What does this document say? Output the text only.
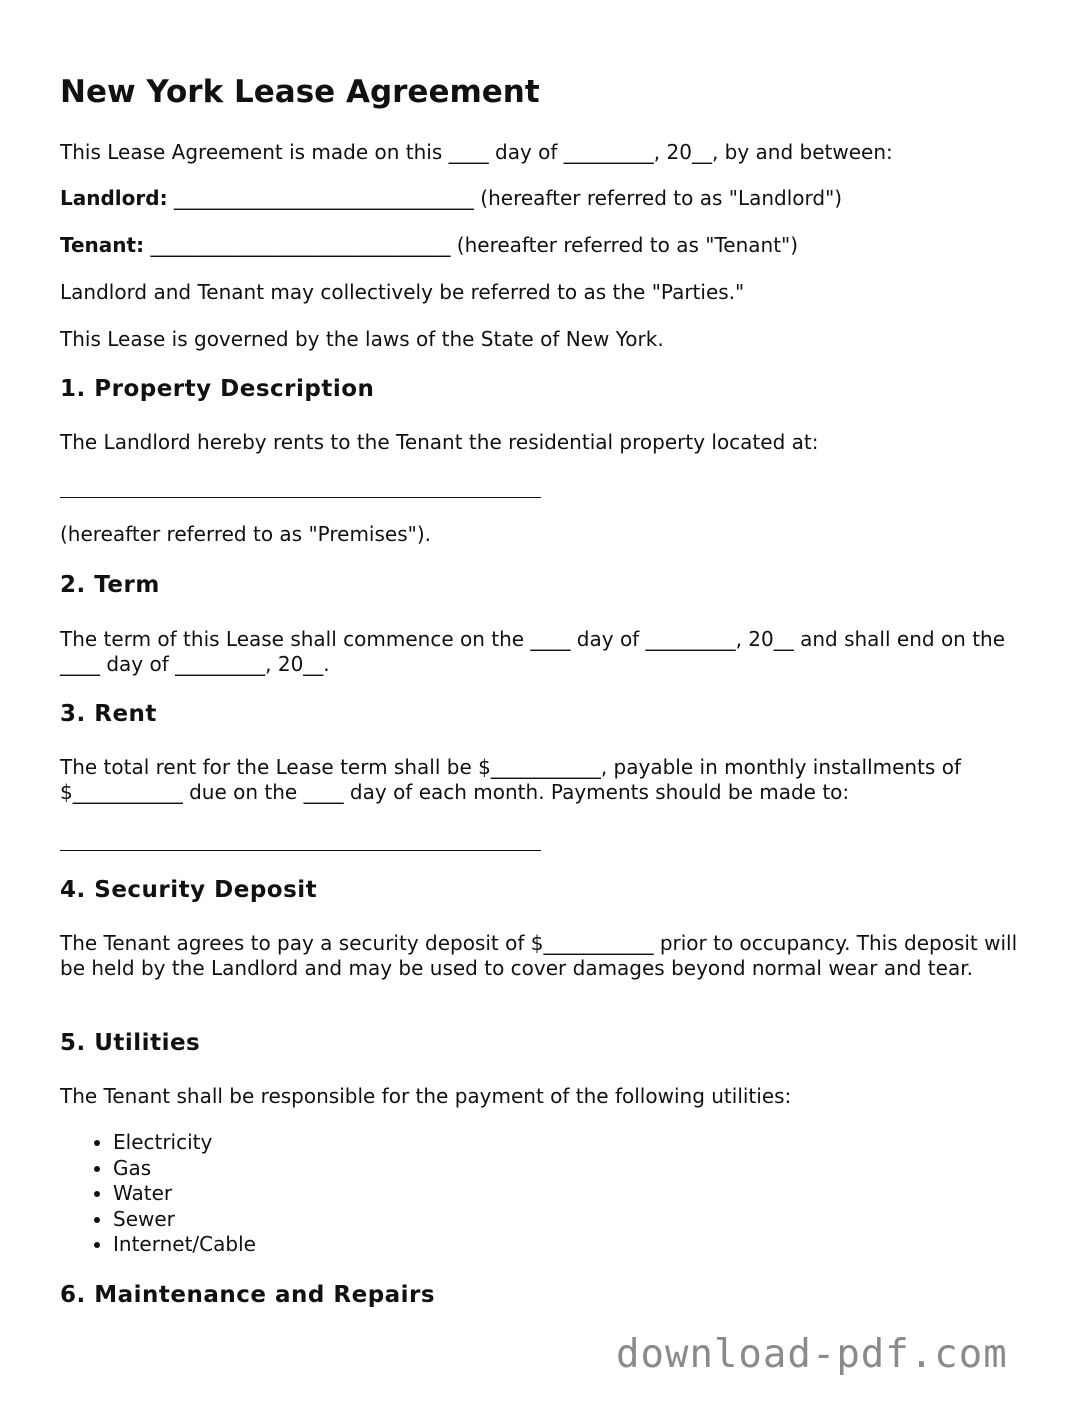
New York Lease Agreement

This Lease Agreement is made on this ____ day of _________, 20__, by and between:

Landlord: ______________________________ (hereafter referred to as "Landlord")

Tenant: ______________________________ (hereafter referred to as "Tenant")

Landlord and Tenant may collectively be referred to as the "Parties."

This Lease is governed by the laws of the State of New York.

1. Property Description

The Landlord hereby rents to the Tenant the residential property located at:

(hereafter referred to as "Premises").

2. Term

The term of this Lease shall commence on the ____ day of _________, 20__ and shall end on the ____ day of _________, 20__.

3. Rent

The total rent for the Lease term shall be $___________, payable in monthly installments of $___________ due on the ____ day of each month. Payments should be made to:

4. Security Deposit

The Tenant agrees to pay a security deposit of $___________ prior to occupancy. This deposit will be held by the Landlord and may be used to cover damages beyond normal wear and tear.

5. Utilities

The Tenant shall be responsible for the payment of the following utilities:

• Electricity
• Gas
• Water
• Sewer
• Internet/Cable
6. Maintenance and Repairs
download-pdf.com
